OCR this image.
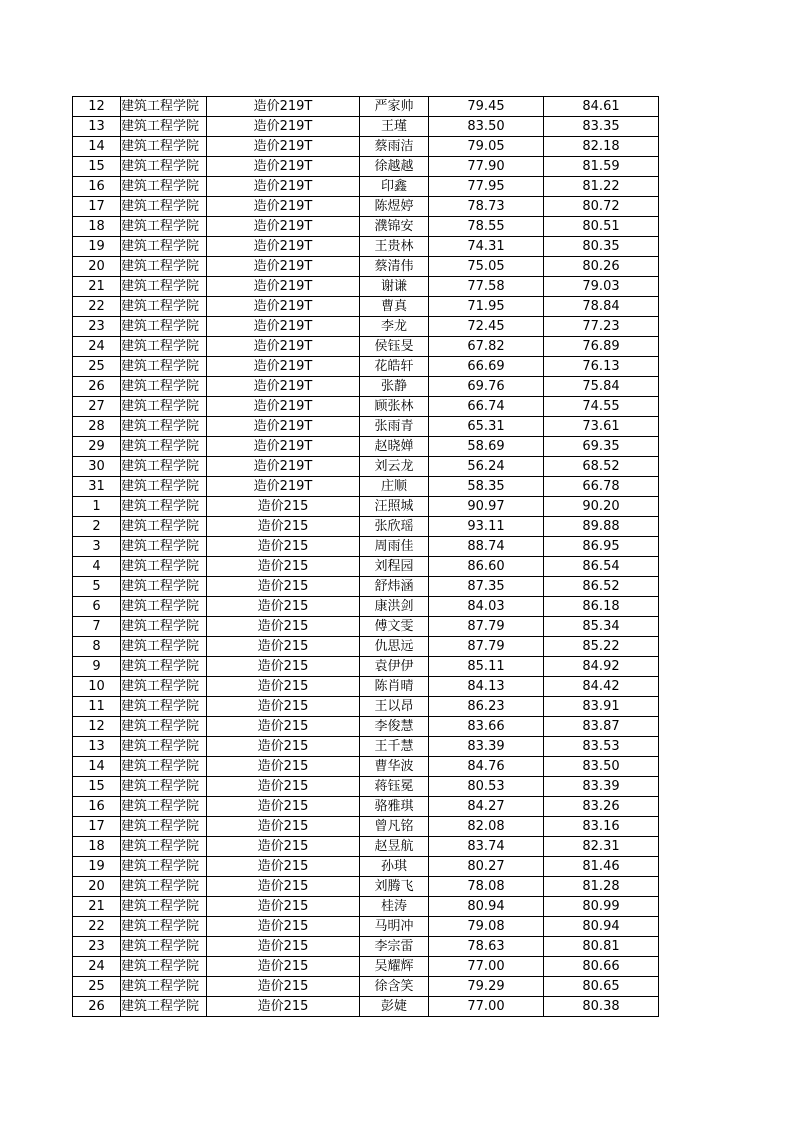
12	建筑工程学院	造价219T	严家帅	79.45	84.61
13	建筑工程学院	造价219T	王瑾	83.50	83.35
14	建筑工程学院	造价219T	蔡雨洁	79.05	82.18
15	建筑工程学院	造价219T	徐越越	77.90	81.59
16	建筑工程学院	造价219T	印鑫	77.95	81.22
17	建筑工程学院	造价219T	陈煜婷	78.73	80.72
18	建筑工程学院	造价219T	濮锦安	78.55	80.51
19	建筑工程学院	造价219T	王贵林	74.31	80.35
20	建筑工程学院	造价219T	蔡清伟	75.05	80.26
21	建筑工程学院	造价219T	谢谦	77.58	79.03
22	建筑工程学院	造价219T	曹真	71.95	78.84
23	建筑工程学院	造价219T	李龙	72.45	77.23
24	建筑工程学院	造价219T	侯钰旻	67.82	76.89
25	建筑工程学院	造价219T	花皓轩	66.69	76.13
26	建筑工程学院	造价219T	张静	69.76	75.84
27	建筑工程学院	造价219T	顾张林	66.74	74.55
28	建筑工程学院	造价219T	张雨青	65.31	73.61
29	建筑工程学院	造价219T	赵晓婵	58.69	69.35
30	建筑工程学院	造价219T	刘云龙	56.24	68.52
31	建筑工程学院	造价219T	庄顺	58.35	66.78
1	建筑工程学院	造价215	汪照城	90.97	90.20
2	建筑工程学院	造价215	张欣瑶	93.11	89.88
3	建筑工程学院	造价215	周雨佳	88.74	86.95
4	建筑工程学院	造价215	刘程园	86.60	86.54
5	建筑工程学院	造价215	舒炜涵	87.35	86.52
6	建筑工程学院	造价215	康洪剑	84.03	86.18
7	建筑工程学院	造价215	傅文雯	87.79	85.34
8	建筑工程学院	造价215	仇思远	87.79	85.22
9	建筑工程学院	造价215	袁伊伊	85.11	84.92
10	建筑工程学院	造价215	陈肖晴	84.13	84.42
11	建筑工程学院	造价215	王以昂	86.23	83.91
12	建筑工程学院	造价215	李俊慧	83.66	83.87
13	建筑工程学院	造价215	王千慧	83.39	83.53
14	建筑工程学院	造价215	曹华波	84.76	83.50
15	建筑工程学院	造价215	蒋钰冕	80.53	83.39
16	建筑工程学院	造价215	骆雅琪	84.27	83.26
17	建筑工程学院	造价215	曾凡铭	82.08	83.16
18	建筑工程学院	造价215	赵昱航	83.74	82.31
19	建筑工程学院	造价215	孙琪	80.27	81.46
20	建筑工程学院	造价215	刘腾飞	78.08	81.28
21	建筑工程学院	造价215	桂涛	80.94	80.99
22	建筑工程学院	造价215	马明冲	79.08	80.94
23	建筑工程学院	造价215	李宗雷	78.63	80.81
24	建筑工程学院	造价215	吴耀辉	77.00	80.66
25	建筑工程学院	造价215	徐含笑	79.29	80.65
26	建筑工程学院	造价215	彭婕	77.00	80.38
